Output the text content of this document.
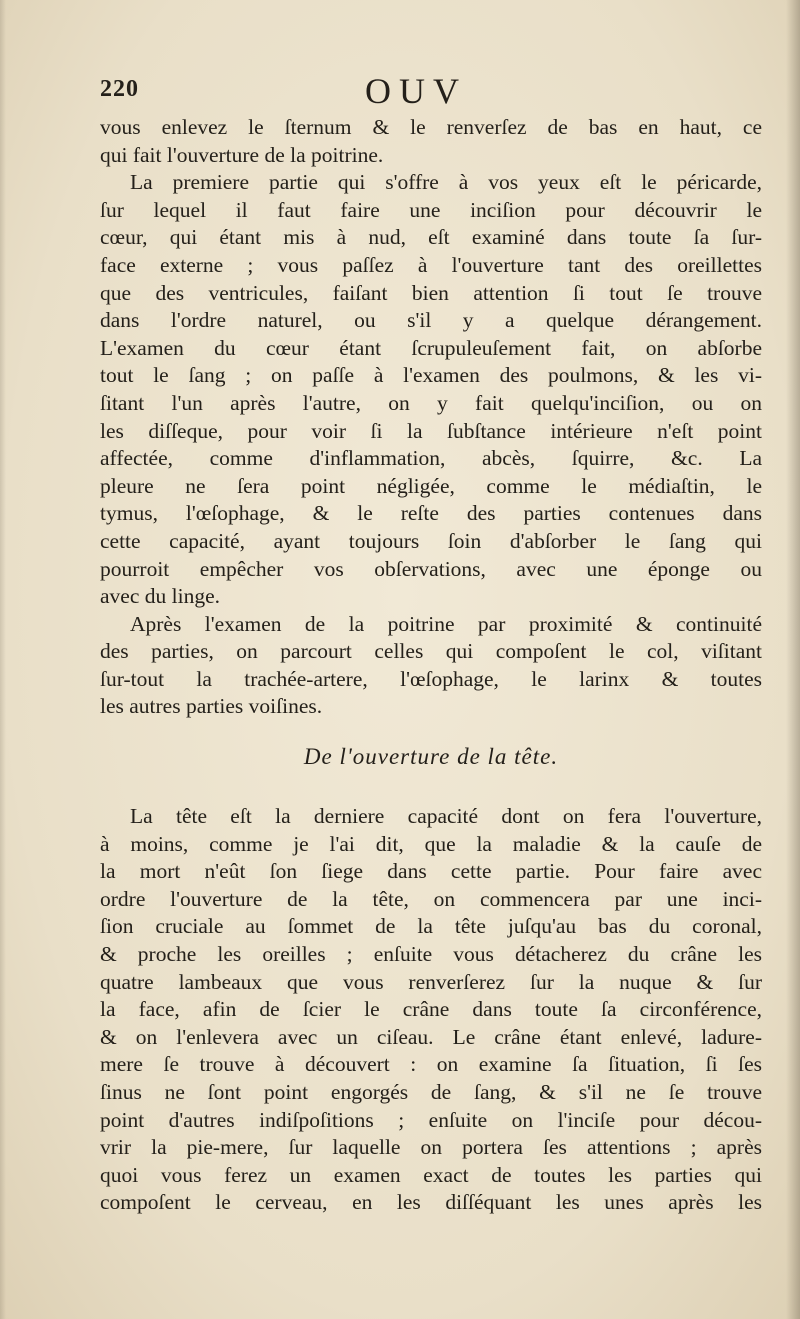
220	OUV
vous enlevez le ſternum & le renverſez de bas en haut, ce
qui fait l'ouverture de la poitrine.
La premiere partie qui s'offre à vos yeux eſt le péricarde,
ſur lequel il faut faire une inciſion pour découvrir le
cœur, qui étant mis à nud, eſt examiné dans toute ſa ſur-
face externe ; vous paſſez à l'ouverture tant des oreillettes
que des ventricules, faiſant bien attention ſi tout ſe trouve
dans l'ordre naturel, ou s'il y a quelque dérangement.
L'examen du cœur étant ſcrupuleuſement fait, on abſorbe
tout le ſang ; on paſſe à l'examen des poulmons, & les vi-
ſitant l'un après l'autre, on y fait quelqu'inciſion, ou on
les diſſeque, pour voir ſi la ſubſtance intérieure n'eſt point
affectée, comme d'inflammation, abcès, ſquirre, &c. La
pleure ne ſera point négligée, comme le médiaſtin, le
tymus, l'œſophage, & le reſte des parties contenues dans
cette capacité, ayant toujours ſoin d'abſorber le ſang qui
pourroit empêcher vos obſervations, avec une éponge ou
avec du linge.
Après l'examen de la poitrine par proximité & continuité
des parties, on parcourt celles qui compoſent le col, viſitant
ſur-tout la trachée-artere, l'œſophage, le larinx & toutes
les autres parties voiſines.
De l'ouverture de la tête.
La tête eſt la derniere capacité dont on fera l'ouverture,
à moins, comme je l'ai dit, que la maladie & la cauſe de
la mort n'eût ſon ſiege dans cette partie. Pour faire avec
ordre l'ouverture de la tête, on commencera par une inci-
ſion cruciale au ſommet de la tête juſqu'au bas du coronal,
& proche les oreilles ; enſuite vous détacherez du crâne les
quatre lambeaux que vous renverſerez ſur la nuque & ſur
la face, afin de ſcier le crâne dans toute ſa circonférence,
& on l'enlevera avec un ciſeau. Le crâne étant enlevé, ladure-
mere ſe trouve à découvert : on examine ſa ſituation, ſi ſes
ſinus ne ſont point engorgés de ſang, & s'il ne ſe trouve
point d'autres indiſpoſitions ; enſuite on l'inciſe pour décou-
vrir la pie-mere, ſur laquelle on portera ſes attentions ; après
quoi vous ferez un examen exact de toutes les parties qui
compoſent le cerveau, en les diſſéquant les unes après les
